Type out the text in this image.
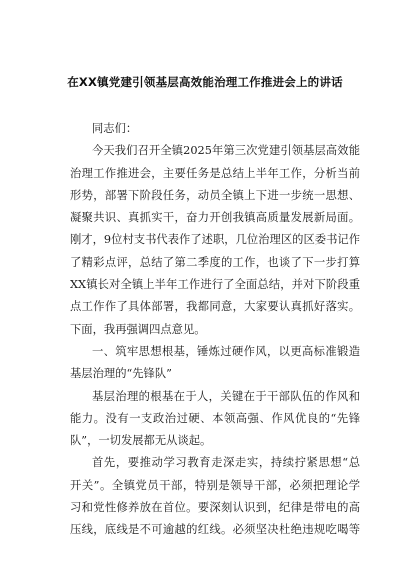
在XX镇党建引领基层高效能治理工作推进会上的讲话
同志们：
今天我们召开全镇2025年第三次党建引领基层高效能
治理工作推进会，主要任务是总结上半年工作，分析当前
形势，部署下阶段任务，动员全镇上下进一步统一思想、
凝聚共识、真抓实干，奋力开创我镇高质量发展新局面。
刚才，9位村支书代表作了述职，几位治理区的区委书记作
了精彩点评，总结了第二季度的工作，也谈了下一步打算
XX镇长对全镇上半年工作进行了全面总结，并对下阶段重
点工作作了具体部署，我都同意，大家要认真抓好落实。
下面，我再强调四点意见。
一、筑牢思想根基，锤炼过硬作风，以更高标准锻造
基层治理的“先锋队”
基层治理的根基在于人，关键在于干部队伍的作风和
能力。没有一支政治过硬、本领高强、作风优良的“先锋
队”，一切发展都无从谈起。
首先，要推动学习教育走深走实，持续拧紧思想“总
开关”。全镇党员干部，特别是领导干部，必须把理论学
习和党性修养放在首位。要深刻认识到，纪律是带电的高
压线，底线是不可逾越的红线。必须坚决杜绝违规吃喝等
